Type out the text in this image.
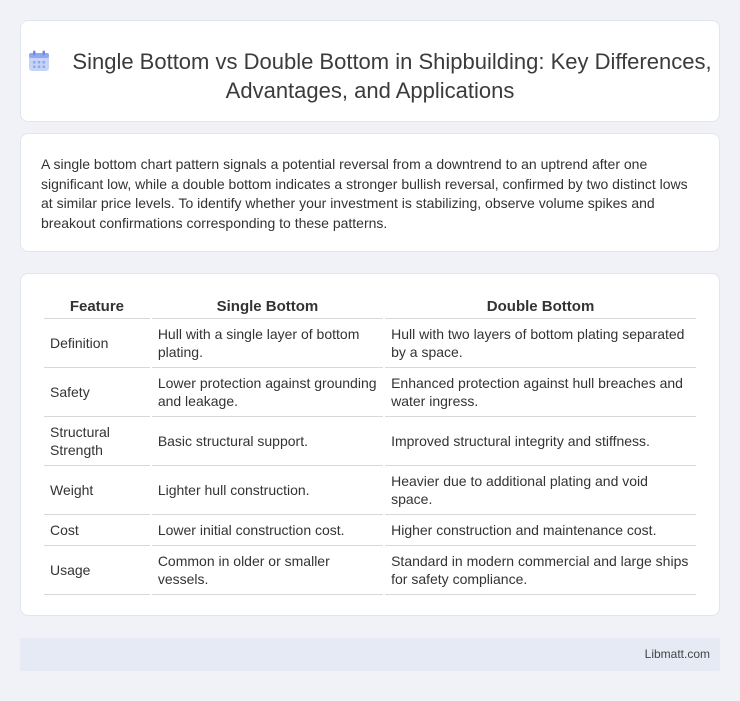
Single Bottom vs Double Bottom in Shipbuilding: Key Differences, Advantages, and Applications

A single bottom chart pattern signals a potential reversal from a downtrend to an uptrend after one significant low, while a double bottom indicates a stronger bullish reversal, confirmed by two distinct lows at similar price levels. To identify whether your investment is stabilizing, observe volume spikes and breakout confirmations corresponding to these patterns.

Feature	Single Bottom	Double Bottom
Definition	Hull with a single layer of bottom plating.	Hull with two layers of bottom plating separated by a space.
Safety	Lower protection against grounding and leakage.	Enhanced protection against hull breaches and water ingress.
Structural Strength	Basic structural support.	Improved structural integrity and stiffness.
Weight	Lighter hull construction.	Heavier due to additional plating and void space.
Cost	Lower initial construction cost.	Higher construction and maintenance cost.
Usage	Common in older or smaller vessels.	Standard in modern commercial and large ships for safety compliance.
Libmatt.com
